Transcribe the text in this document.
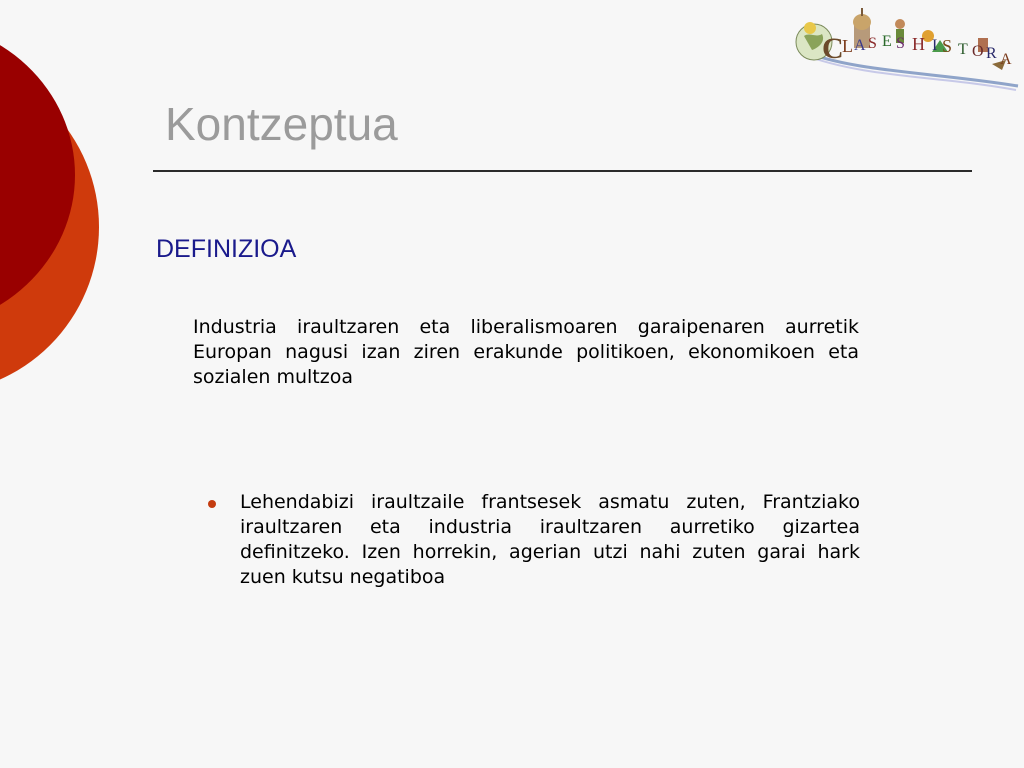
C
L A S E S H I S T O R A
Kontzeptua
DEFINIZIOA

Industria iraultzaren eta liberalismoaren garaipenaren aurretik Europan nagusi izan ziren erakunde politikoen, ekonomikoen eta sozialen multzoa

Lehendabizi iraultzaile frantsesek asmatu zuten, Frantziako iraultzaren eta industria iraultzaren aurretiko gizartea definitzeko. Izen horrekin, agerian utzi nahi zuten garai hark zuen kutsu negatiboa
